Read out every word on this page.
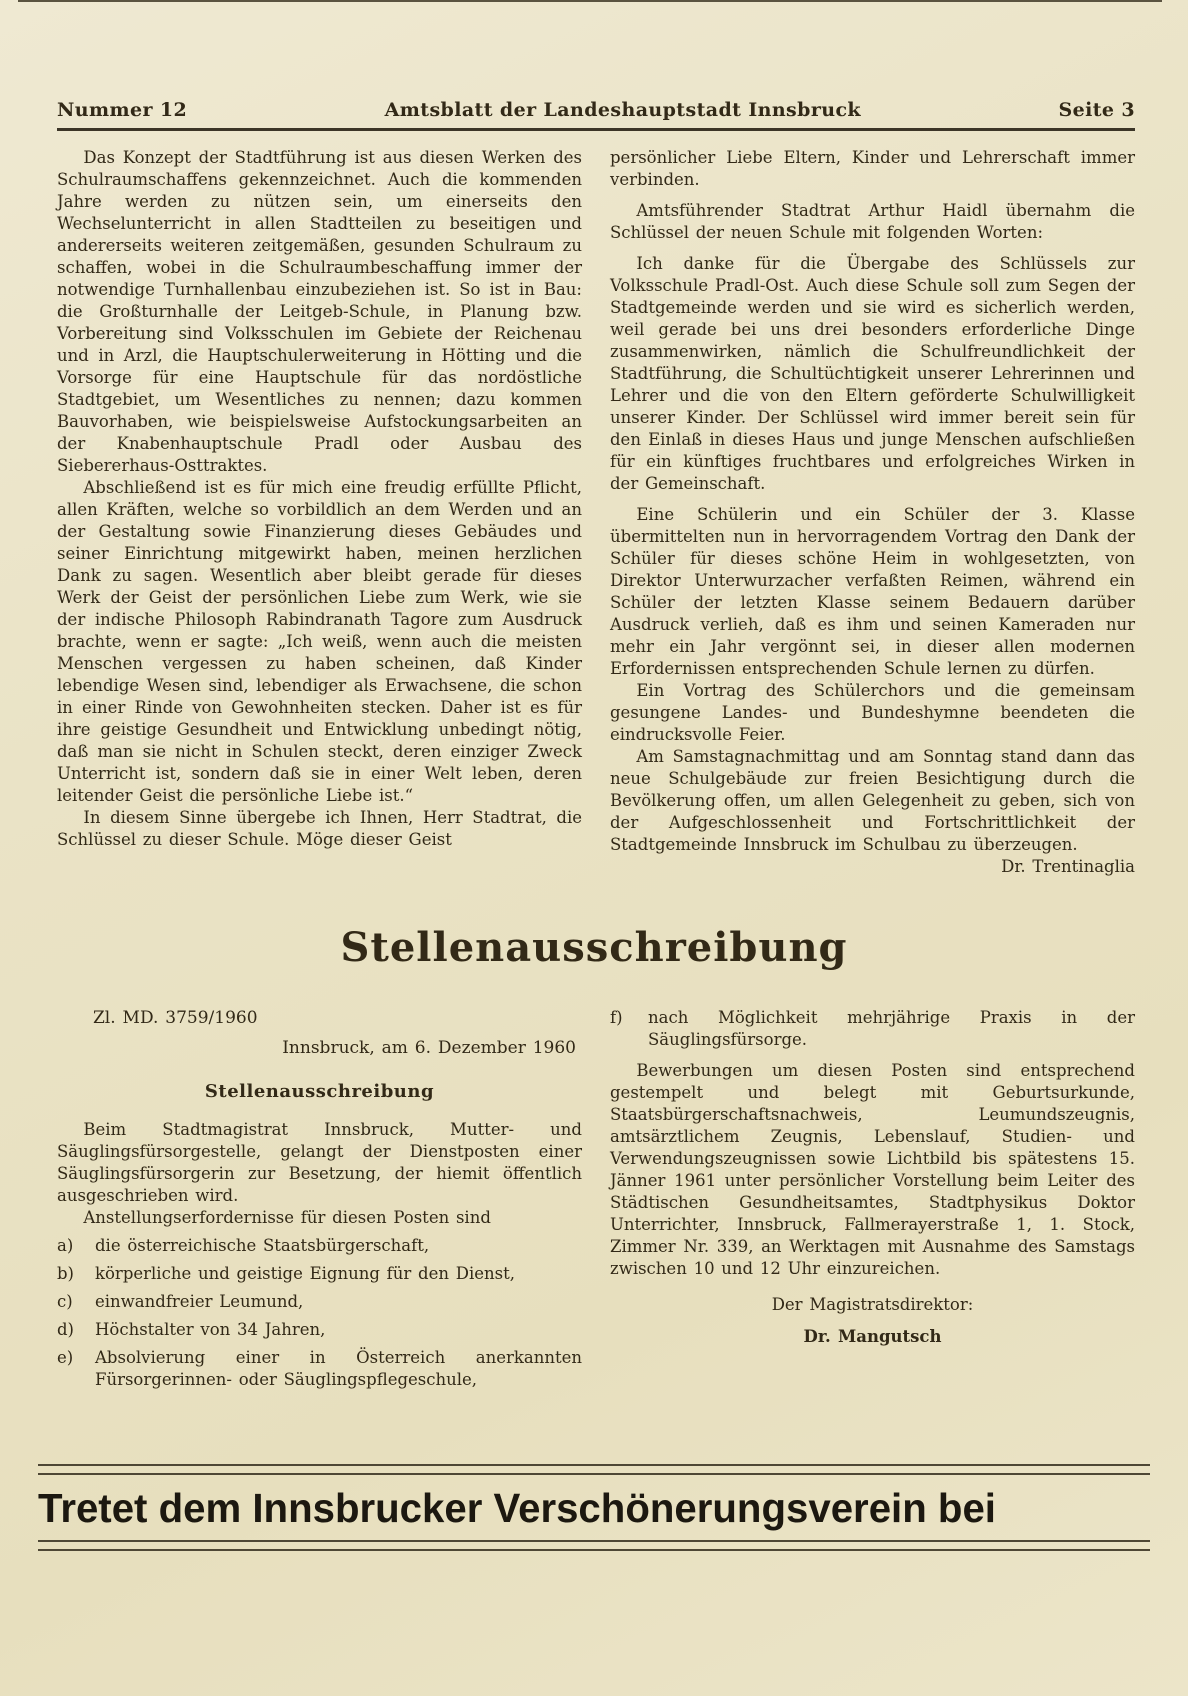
Nummer 12	Amtsblatt der Landeshauptstadt Innsbruck	Seite 3

Das Konzept der Stadtführung ist aus diesen Werken des Schulraumschaffens gekennzeichnet. Auch die kommenden Jahre werden zu nützen sein, um einerseits den Wechselunterricht in allen Stadtteilen zu beseitigen und andererseits weiteren zeitgemäßen, gesunden Schulraum zu schaffen, wobei in die Schulraumbeschaffung immer der notwendige Turnhallenbau einzubeziehen ist. So ist in Bau: die Großturnhalle der Leitgeb-Schule, in Planung bzw. Vorbereitung sind Volksschulen im Gebiete der Reichenau und in Arzl, die Hauptschulerweiterung in Hötting und die Vorsorge für eine Hauptschule für das nordöstliche Stadtgebiet, um Wesentliches zu nennen; dazu kommen Bauvorhaben, wie beispielsweise Aufstockungsarbeiten an der Knabenhauptschule Pradl oder Ausbau des Siebererhaus-Osttraktes.

Abschließend ist es für mich eine freudig erfüllte Pflicht, allen Kräften, welche so vorbildlich an dem Werden und an der Gestaltung sowie Finanzierung dieses Gebäudes und seiner Einrichtung mitgewirkt haben, meinen herzlichen Dank zu sagen. Wesentlich aber bleibt gerade für dieses Werk der Geist der persönlichen Liebe zum Werk, wie sie der indische Philosoph Rabindranath Tagore zum Ausdruck brachte, wenn er sagte: „Ich weiß, wenn auch die meisten Menschen vergessen zu haben scheinen, daß Kinder lebendige Wesen sind, lebendiger als Erwachsene, die schon in einer Rinde von Gewohnheiten stecken. Daher ist es für ihre geistige Gesundheit und Entwicklung unbedingt nötig, daß man sie nicht in Schulen steckt, deren einziger Zweck Unterricht ist, sondern daß sie in einer Welt leben, deren leitender Geist die persönliche Liebe ist.“

In diesem Sinne übergebe ich Ihnen, Herr Stadtrat, die Schlüssel zu dieser Schule. Möge dieser Geist

persönlicher Liebe Eltern, Kinder und Lehrerschaft immer verbinden.

Amtsführender Stadtrat Arthur Haidl übernahm die Schlüssel der neuen Schule mit folgenden Worten:

Ich danke für die Übergabe des Schlüssels zur Volksschule Pradl-Ost. Auch diese Schule soll zum Segen der Stadtgemeinde werden und sie wird es sicherlich werden, weil gerade bei uns drei besonders erforderliche Dinge zusammenwirken, nämlich die Schulfreundlichkeit der Stadtführung, die Schultüchtigkeit unserer Lehrerinnen und Lehrer und die von den Eltern geförderte Schulwilligkeit unserer Kinder. Der Schlüssel wird immer bereit sein für den Einlaß in dieses Haus und junge Menschen aufschließen für ein künftiges fruchtbares und erfolgreiches Wirken in der Gemeinschaft.

Eine Schülerin und ein Schüler der 3. Klasse übermittelten nun in hervorragendem Vortrag den Dank der Schüler für dieses schöne Heim in wohlgesetzten, von Direktor Unterwurzacher verfaßten Reimen, während ein Schüler der letzten Klasse seinem Bedauern darüber Ausdruck verlieh, daß es ihm und seinen Kameraden nur mehr ein Jahr vergönnt sei, in dieser allen modernen Erfordernissen entsprechenden Schule lernen zu dürfen.

Ein Vortrag des Schülerchors und die gemeinsam gesungene Landes- und Bundeshymne beendeten die eindrucksvolle Feier.

Am Samstagnachmittag und am Sonntag stand dann das neue Schulgebäude zur freien Besichtigung durch die Bevölkerung offen, um allen Gelegenheit zu geben, sich von der Aufgeschlossenheit und Fortschrittlichkeit der Stadtgemeinde Innsbruck im Schulbau zu überzeugen.
Dr. Trentinaglia

Stellenausschreibung
Zl. MD. 3759/1960
Innsbruck, am 6. Dezember 1960
Stellenausschreibung

Beim Stadtmagistrat Innsbruck, Mutter- und Säuglingsfürsorgestelle, gelangt der Dienstposten einer Säuglingsfürsorgerin zur Besetzung, der hiemit öffentlich ausgeschrieben wird.

Anstellungserfordernisse für diesen Posten sind

a)	die österreichische Staatsbürgerschaft,
b)	körperliche und geistige Eignung für den Dienst,
c)	einwandfreier Leumund,
d)	Höchstalter von 34 Jahren,
e)	Absolvierung einer in Österreich anerkannten Fürsorgerinnen- oder Säuglingspflegeschule,
f)	nach Möglichkeit mehrjährige Praxis in der Säuglingsfürsorge.

Bewerbungen um diesen Posten sind entsprechend gestempelt und belegt mit Geburtsurkunde, Staatsbürgerschaftsnachweis, Leumundszeugnis, amtsärztlichem Zeugnis, Lebenslauf, Studien- und Verwendungszeugnissen sowie Lichtbild bis spätestens 15. Jänner 1961 unter persönlicher Vorstellung beim Leiter des Städtischen Gesundheitsamtes, Stadtphysikus Doktor Unterrichter, Innsbruck, Fallmerayerstraße 1, 1. Stock, Zimmer Nr. 339, an Werktagen mit Ausnahme des Samstags zwischen 10 und 12 Uhr einzureichen.

Der Magistratsdirektor:
Dr. Mangutsch
Tretet dem Innsbrucker Verschönerungsverein bei
